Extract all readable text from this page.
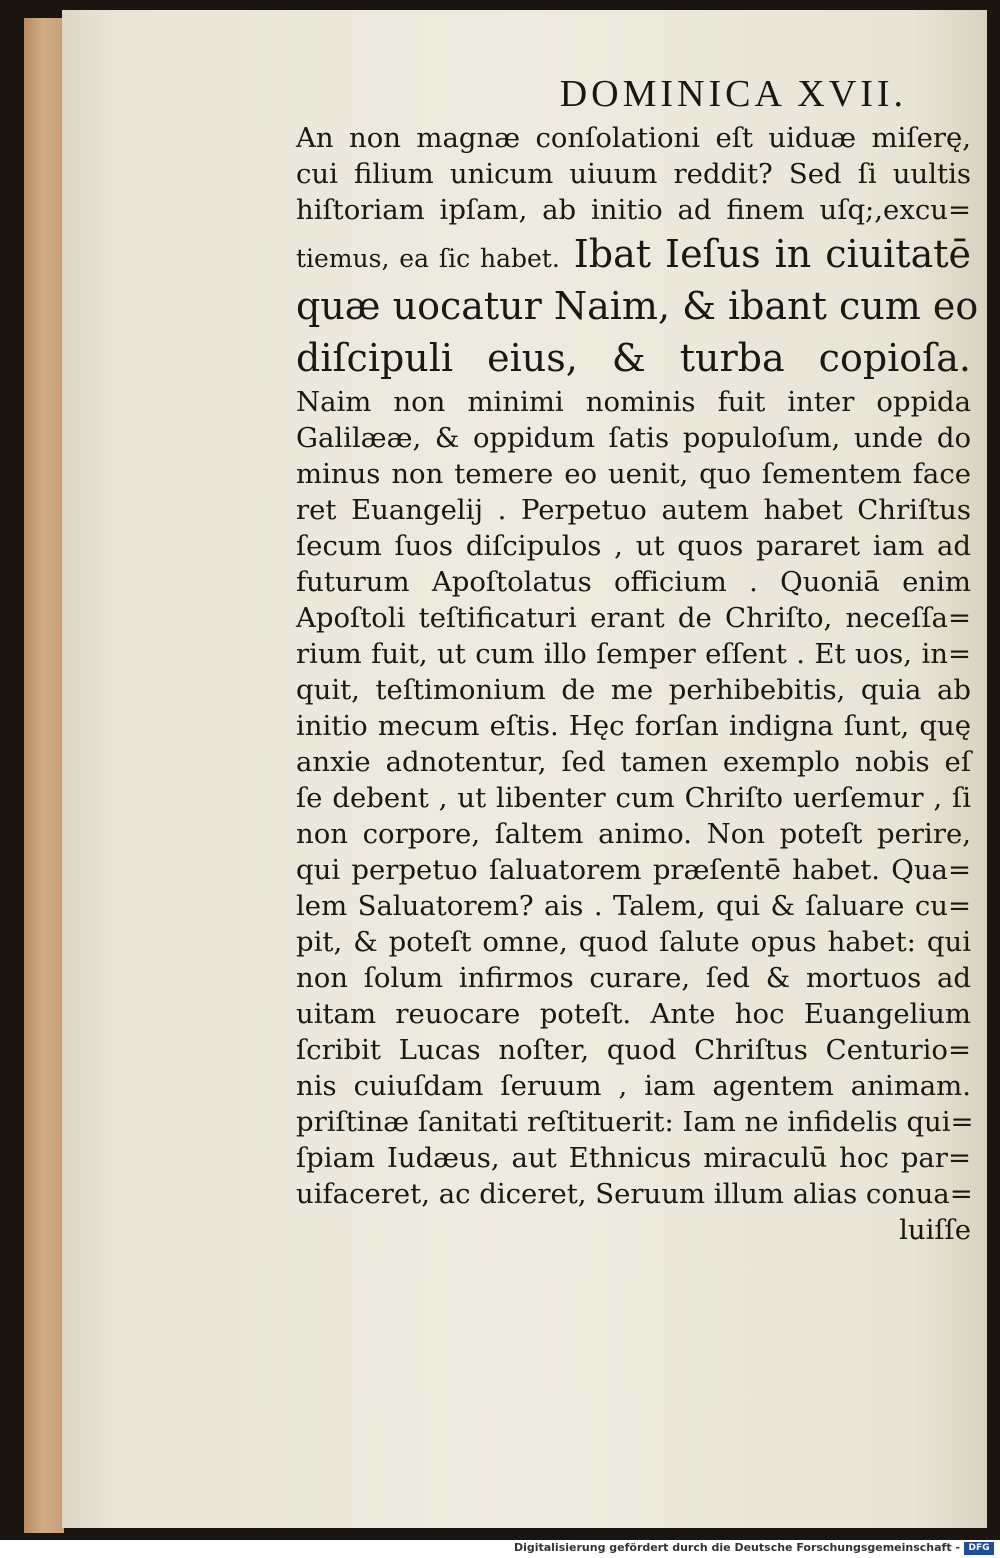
DOMINICA XVII.
An non magnæ conſolationi eſt uiduæ miſerę,
cui filium unicum uiuum reddit? Sed ſi uultis
hiſtoriam ipſam, ab initio ad finem uſq;,excu=
tiemus, ea ſic habet. Ibat Ieſus in ciuitatē
quæ uocatur Naim, & ibant cum eo
diſcipuli eius, & turba copioſa.
Naim non minimi nominis fuit inter oppida
Galilææ, & oppidum ſatis populoſum, unde do
minus non temere eo uenit, quo ſementem face
ret Euangelij . Perpetuo autem habet Chriſtus
ſecum ſuos diſcipulos , ut quos pararet iam ad
futurum Apoſtolatus officium . Quoniā enim
Apoſtoli teſtificaturi erant de Chriſto, neceſſa=
rium fuit, ut cum illo ſemper eſſent . Et uos, in=
quit, teſtimonium de me perhibebitis, quia ab
initio mecum eſtis. Hęc forſan indigna ſunt, quę
anxie adnotentur, ſed tamen exemplo nobis eſ
ſe debent , ut libenter cum Chriſto uerſemur , ſi
non corpore, ſaltem animo. Non poteſt perire,
qui perpetuo ſaluatorem præſentē habet. Qua=
lem Saluatorem? ais . Talem, qui & ſaluare cu=
pit, & poteſt omne, quod ſalute opus habet: qui
non ſolum infirmos curare, ſed & mortuos ad
uitam reuocare poteſt. Ante hoc Euangelium
ſcribit Lucas noſter, quod Chriſtus Centurio=
nis cuiuſdam ſeruum , iam agentem animam.
priſtinæ ſanitati reſtituerit: Iam ne infidelis qui=
ſpiam Iudæus, aut Ethnicus miraculū hoc par=
uifaceret, ac diceret, Seruum illum alias conua=
luiſſe
Digitalisierung gefördert durch die Deutsche Forschungsgemeinschaft - DFG
